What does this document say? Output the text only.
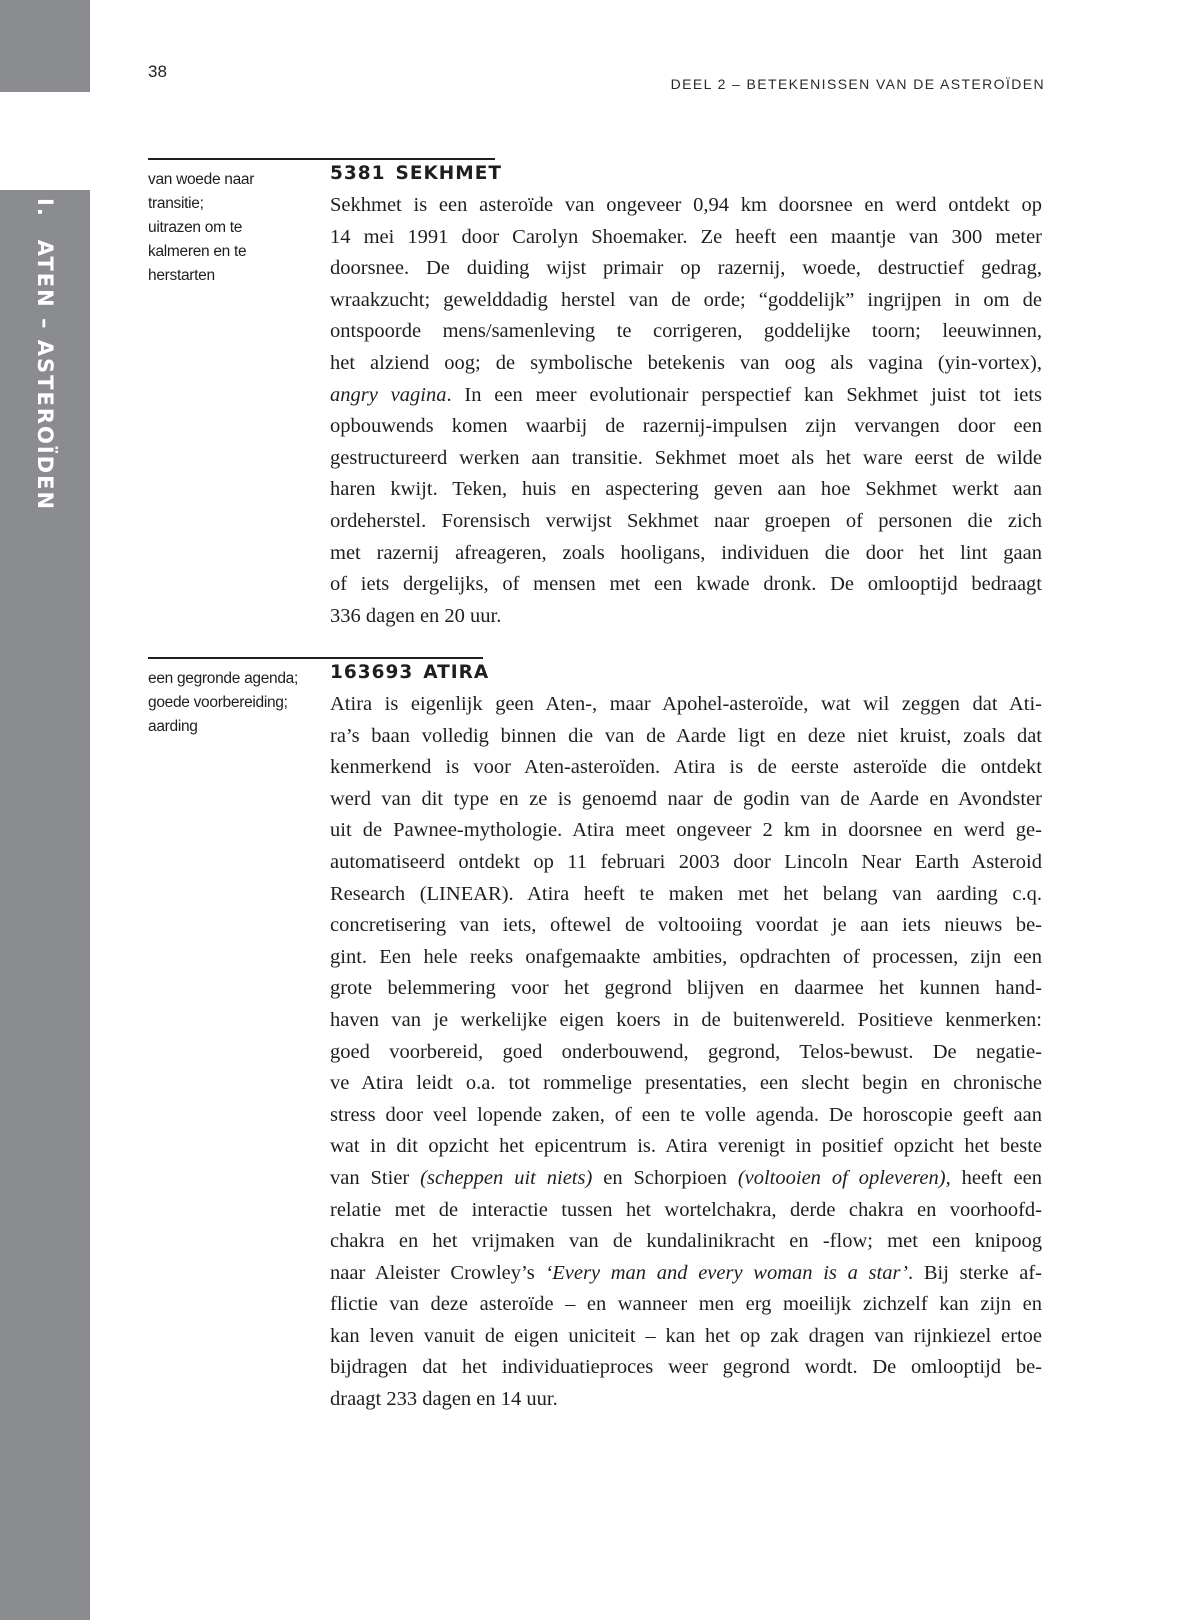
38
DEEL 2 – BETEKENISSEN VAN DE ASTEROÏDEN
I.ATEN – ASTEROÏDEN
van woede naar
transitie;
uitrazen om te
kalmeren en te
herstarten
5381 SEKHMET
Sekhmet is een asteroïde van ongeveer 0,94 km doorsnee en werd ontdekt op
14 mei 1991 door Carolyn Shoemaker. Ze heeft een maantje van 300 meter
doorsnee. De duiding wijst primair op razernij, woede, destructief gedrag,
wraakzucht; gewelddadig herstel van de orde; “goddelijk” ingrijpen in om de
ontspoorde mens/samenleving te corrigeren, goddelijke toorn; leeuwinnen,
het alziend oog; de symbolische betekenis van oog als vagina (yin-vortex),
angry vagina. In een meer evolutionair perspectief kan Sekhmet juist tot iets
opbouwends komen waarbij de razernij-impulsen zijn vervangen door een
gestructureerd werken aan transitie. Sekhmet moet als het ware eerst de wilde
haren kwijt. Teken, huis en aspectering geven aan hoe Sekhmet werkt aan
ordeherstel. Forensisch verwijst Sekhmet naar groepen of personen die zich
met razernij afreageren, zoals hooligans, individuen die door het lint gaan
of iets dergelijks, of mensen met een kwade dronk. De omlooptijd bedraagt
336 dagen en 20 uur.
een gegronde agenda;
goede voorbereiding;
aarding
163693 ATIRA
Atira is eigenlijk geen Aten-, maar Apohel-asteroïde, wat wil zeggen dat Ati-
ra’s baan volledig binnen die van de Aarde ligt en deze niet kruist, zoals dat
kenmerkend is voor Aten-asteroïden. Atira is de eerste asteroïde die ontdekt
werd van dit type en ze is genoemd naar de godin van de Aarde en Avondster
uit de Pawnee-mythologie. Atira meet ongeveer 2 km in doorsnee en werd ge-
automatiseerd ontdekt op 11 februari 2003 door Lincoln Near Earth Asteroid
Research (LINEAR). Atira heeft te maken met het belang van aarding c.q.
concretisering van iets, oftewel de voltooiing voordat je aan iets nieuws be-
gint. Een hele reeks onafgemaakte ambities, opdrachten of processen, zijn een
grote belemmering voor het gegrond blijven en daarmee het kunnen hand-
haven van je werkelijke eigen koers in de buitenwereld. Positieve kenmerken:
goed voorbereid, goed onderbouwend, gegrond, Telos-bewust. De negatie-
ve Atira leidt o.a. tot rommelige presentaties, een slecht begin en chronische
stress door veel lopende zaken, of een te volle agenda. De horoscopie geeft aan
wat in dit opzicht het epicentrum is. Atira verenigt in positief opzicht het beste
van Stier (scheppen uit niets) en Schorpioen (voltooien of opleveren), heeft een
relatie met de interactie tussen het wortelchakra, derde chakra en voorhoofd-
chakra en het vrijmaken van de kundalinikracht en -flow; met een knipoog
naar Aleister Crowley’s ‘Every man and every woman is a star’. Bij sterke af-
flictie van deze asteroïde – en wanneer men erg moeilijk zichzelf kan zijn en
kan leven vanuit de eigen uniciteit – kan het op zak dragen van rijnkiezel ertoe
bijdragen dat het individuatieproces weer gegrond wordt. De omlooptijd be-
draagt 233 dagen en 14 uur.
